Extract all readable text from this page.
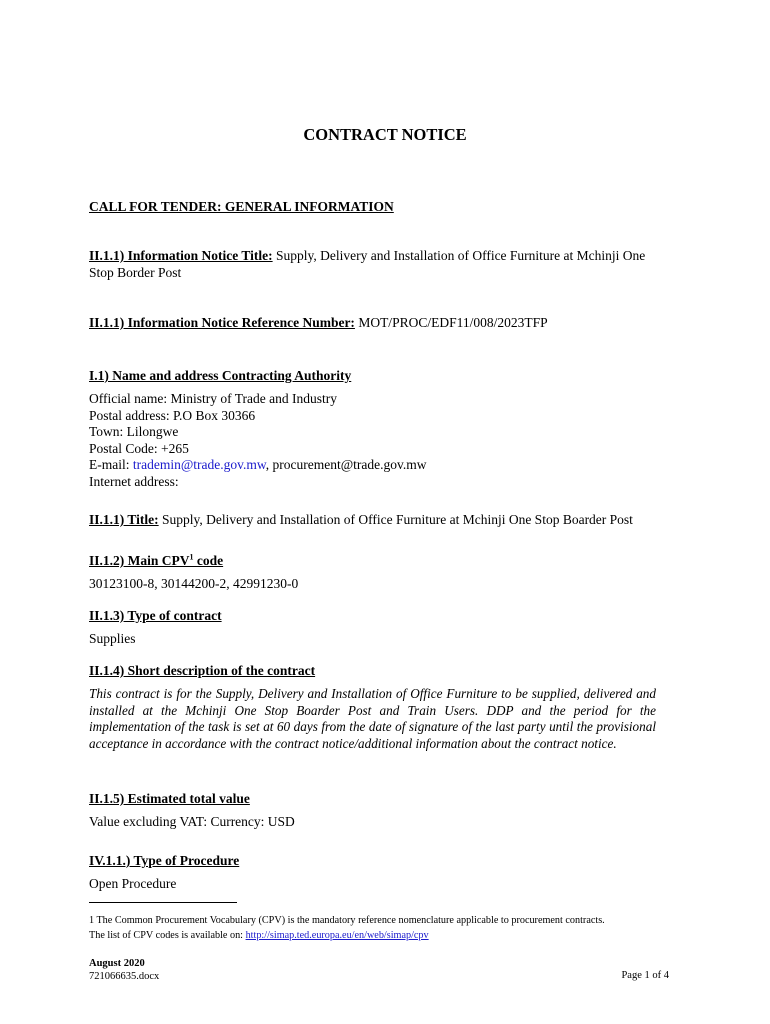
CONTRACT NOTICE
CALL FOR TENDER: GENERAL INFORMATION
II.1.1) Information Notice Title: Supply, Delivery and Installation of Office Furniture at Mchinji One Stop Border Post
II.1.1) Information Notice Reference Number: MOT/PROC/EDF11/008/2023TFP
I.1) Name and address Contracting Authority
Official name: Ministry of Trade and Industry
Postal address: P.O Box 30366
Town: Lilongwe
Postal Code: +265
E-mail: trademin@trade.gov.mw, procurement@trade.gov.mw
Internet address:
II.1.1) Title: Supply, Delivery and Installation of Office Furniture at Mchinji One Stop Boarder Post
II.1.2) Main CPV$^1$ code
30123100-8, 30144200-2, 42991230-0
II.1.3) Type of contract
Supplies
II.1.4) Short description of the contract
This contract is for the Supply, Delivery and Installation of Office Furniture to be supplied, delivered and installed at the Mchinji One Stop Boarder Post and Train Users. DDP and the period for the implementation of the task is set at 60 days from the date of signature of the last party until the provisional acceptance in accordance with the contract notice/additional information about the contract notice.
II.1.5) Estimated total value
Value excluding VAT: Currency: USD
IV.1.1.) Type of Procedure
Open Procedure
1 The Common Procurement Vocabulary (CPV) is the mandatory reference nomenclature applicable to procurement contracts.
The list of CPV codes is available on: http://simap.ted.europa.eu/en/web/simap/cpv
August 2020
721066635.docx	Page 1 of 4
